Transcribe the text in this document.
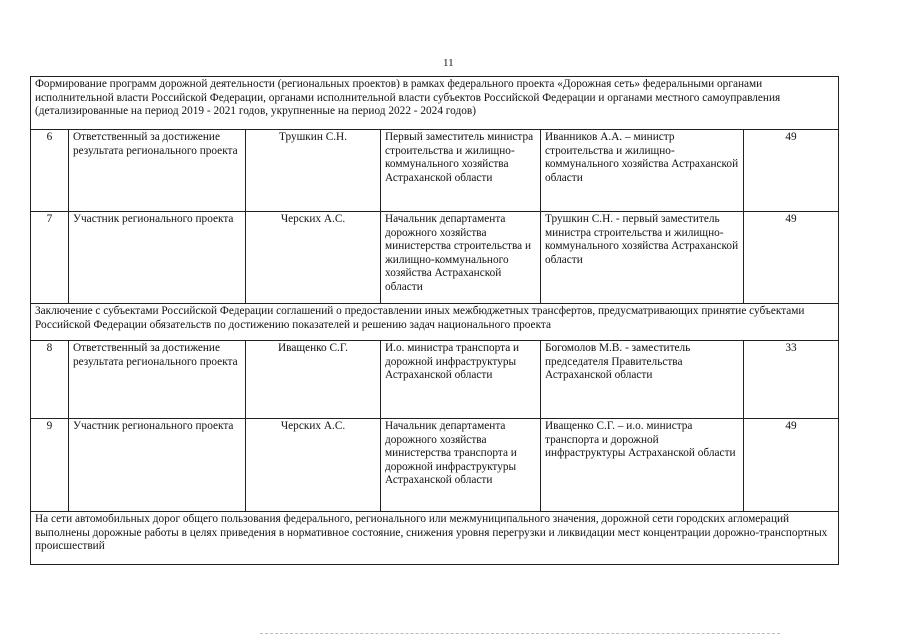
11
Формирование программ дорожной деятельности (региональных проектов) в рамках федерального проекта «Дорожная сеть» федеральными органами исполнительной власти Российской Федерации, органами исполнительной власти субъектов Российской Федерации и органами местного самоуправления (детализированные на период 2019 - 2021 годов, укрупненные на период 2022 - 2024 годов)					
6	Ответственный за достижение результата регионального проекта	Трушкин С.Н.	Первый заместитель министра строительства и жилищно-коммунального хозяйства Астраханской области	Иванников А.А. – министр строительства и жилищно-коммунального хозяйства Астраханской области	49
7	Участник регионального проекта	Черских А.С.	Начальник департамента дорожного хозяйства министерства строительства и жилищно-коммунального хозяйства Астраханской области	Трушкин С.Н. - первый заместитель министра строительства и жилищно-коммунального хозяйства Астраханской области	49
Заключение с субъектами Российской Федерации соглашений о предоставлении иных межбюджетных трансфертов, предусматривающих принятие субъектами Российской Федерации обязательств по достижению показателей и решению задач национального проекта					
8	Ответственный за достижение результата регионального проекта	Иващенко С.Г.	И.о. министра транспорта и дорожной инфраструктуры Астраханской области	Богомолов М.В. - заместитель председателя Правительства Астраханской области	33
9	Участник регионального проекта	Черских А.С.	Начальник департамента дорожного хозяйства министерства транспорта и дорожной инфраструктуры Астраханской области	Иващенко С.Г. – и.о. министра транспорта и дорожной инфраструктуры Астраханской области	49
На сети автомобильных дорог общего пользования федерального, регионального или межмуниципального значения, дорожной сети городских агломераций выполнены дорожные работы в целях приведения в нормативное состояние, снижения уровня перегрузки и ликвидации мест концентрации дорожно-транспортных происшествий					
